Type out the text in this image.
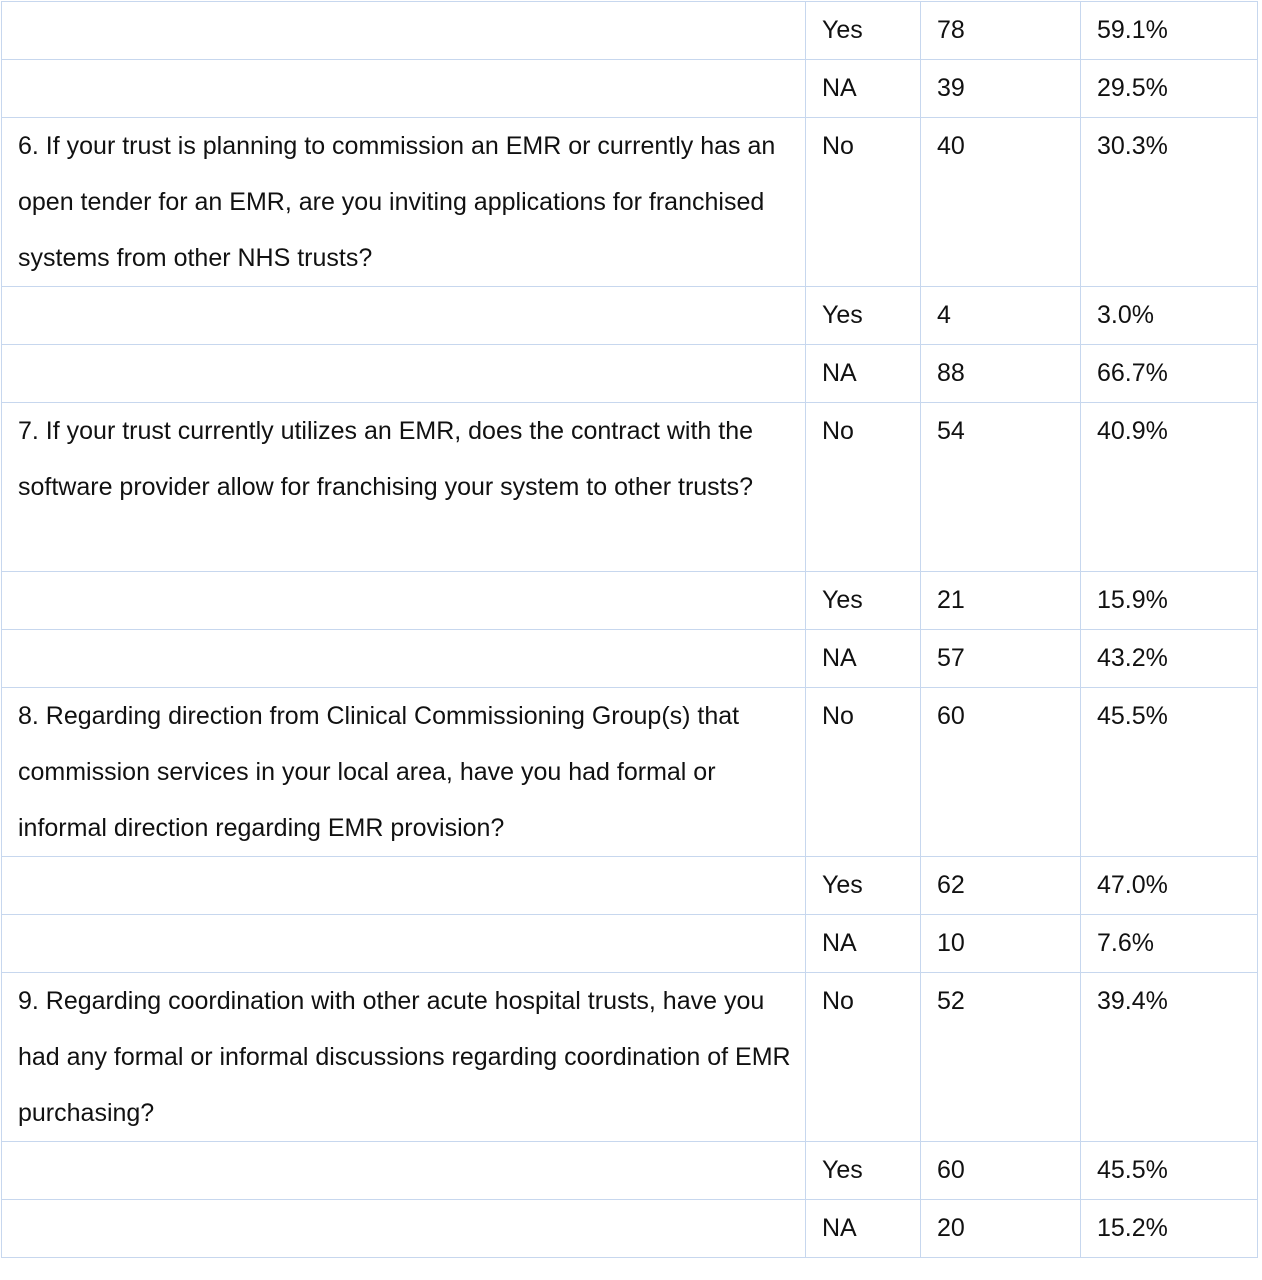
	Yes	78	59.1%
	NA	39	29.5%
6. If your trust is planning to commission an EMR or currently has an open tender for an EMR, are you inviting applications for franchised systems from other NHS trusts?	No	40	30.3%
	Yes	4	3.0%
	NA	88	66.7%
7. If your trust currently utilizes an EMR, does the contract with the software provider allow for franchising your system to other trusts?	No	54	40.9%
	Yes	21	15.9%
	NA	57	43.2%
8. Regarding direction from Clinical Commissioning Group(s) that commission services in your local area, have you had formal or informal direction regarding EMR provision?	No	60	45.5%
	Yes	62	47.0%
	NA	10	7.6%
9. Regarding coordination with other acute hospital trusts, have you had any formal or informal discussions regarding coordination of EMR purchasing?	No	52	39.4%
	Yes	60	45.5%
	NA	20	15.2%
